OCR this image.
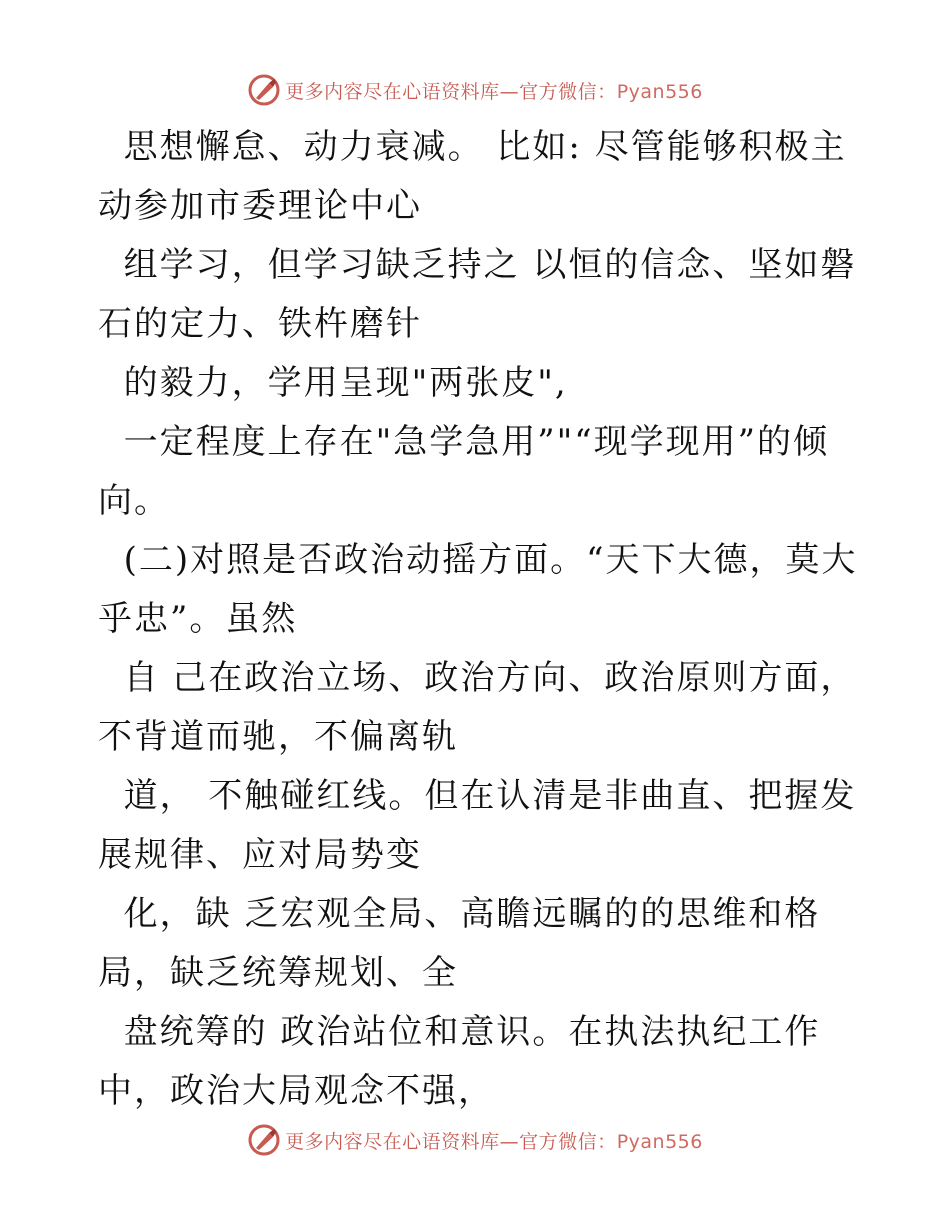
更多内容尽在心语资料库—官方微信：Pyan556
思想懈怠、动力衰减。 比如: 尽管能够积极主
动参加市委理论中心
组学习，但学习缺乏持之 以恒的信念、坚如磐
石的定力、铁杵磨针
的毅力，学用呈现"两张皮",
一定程度上存在"急学急用”"“现学现用”的倾
向。
(二)对照是否政治动摇方面。“天下大德，莫大
乎忠”。虽然
自 己在政治立场、政治方向、政治原则方面，
不背道而驰，不偏离轨
道， 不触碰红线。但在认清是非曲直、把握发
展规律、应对局势变
化，缺 乏宏观全局、高瞻远瞩的的思维和格
局，缺乏统筹规划、全
盘统筹的 政治站位和意识。在执法执纪工作
中，政治大局观念不强，
更多内容尽在心语资料库—官方微信：Pyan556
